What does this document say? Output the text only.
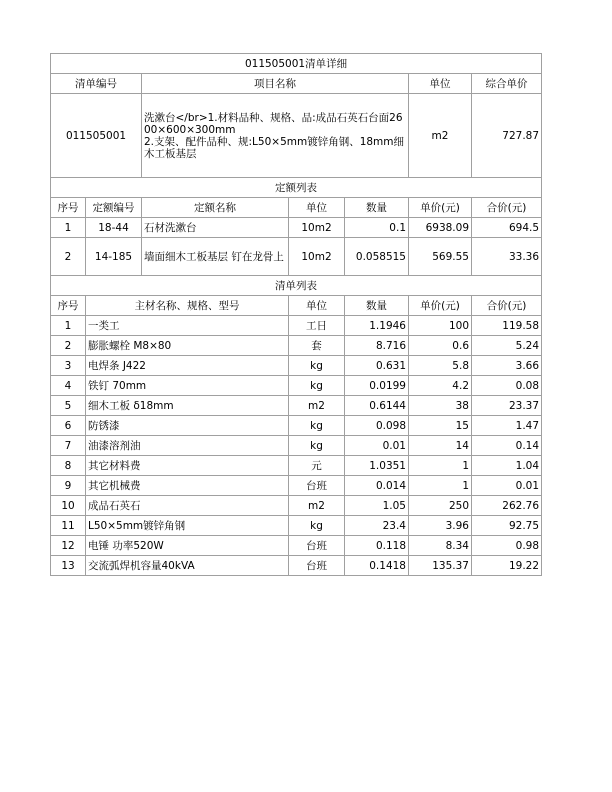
011505001清单详细						
清单编号		项目名称			单位	综合单价
011505001		洗漱台</br>1.材料品种、规格、品:成品石英石台面2600×600×300mm
2.支架、配件品种、规:L50×5mm镀锌角钢、18mm细木工板基层			m2	727.87
定额列表						
序号	定额编号	定额名称	单位	数量	单价(元)	合价(元)
1	18-44	石材洗漱台	10m2	0.1	6938.09	694.5
2	14-185	墙面细木工板基层 钉在龙骨上	10m2	0.058515	569.55	33.36
清单列表						
序号	主材名称、规格、型号		单位	数量	单价(元)	合价(元)
1	一类工		工日	1.1946	100	119.58
2	膨胀螺栓 M8×80		套	8.716	0.6	5.24
3	电焊条 J422		kg	0.631	5.8	3.66
4	铁钉 70mm		kg	0.0199	4.2	0.08
5	细木工板 δ18mm		m2	0.6144	38	23.37
6	防锈漆		kg	0.098	15	1.47
7	油漆溶剂油		kg	0.01	14	0.14
8	其它材料费		元	1.0351	1	1.04
9	其它机械费		台班	0.014	1	0.01
10	成品石英石		m2	1.05	250	262.76
11	L50×5mm镀锌角钢		kg	23.4	3.96	92.75
12	电锤 功率520W		台班	0.118	8.34	0.98
13	交流弧焊机容量40kVA		台班	0.1418	135.37	19.22
